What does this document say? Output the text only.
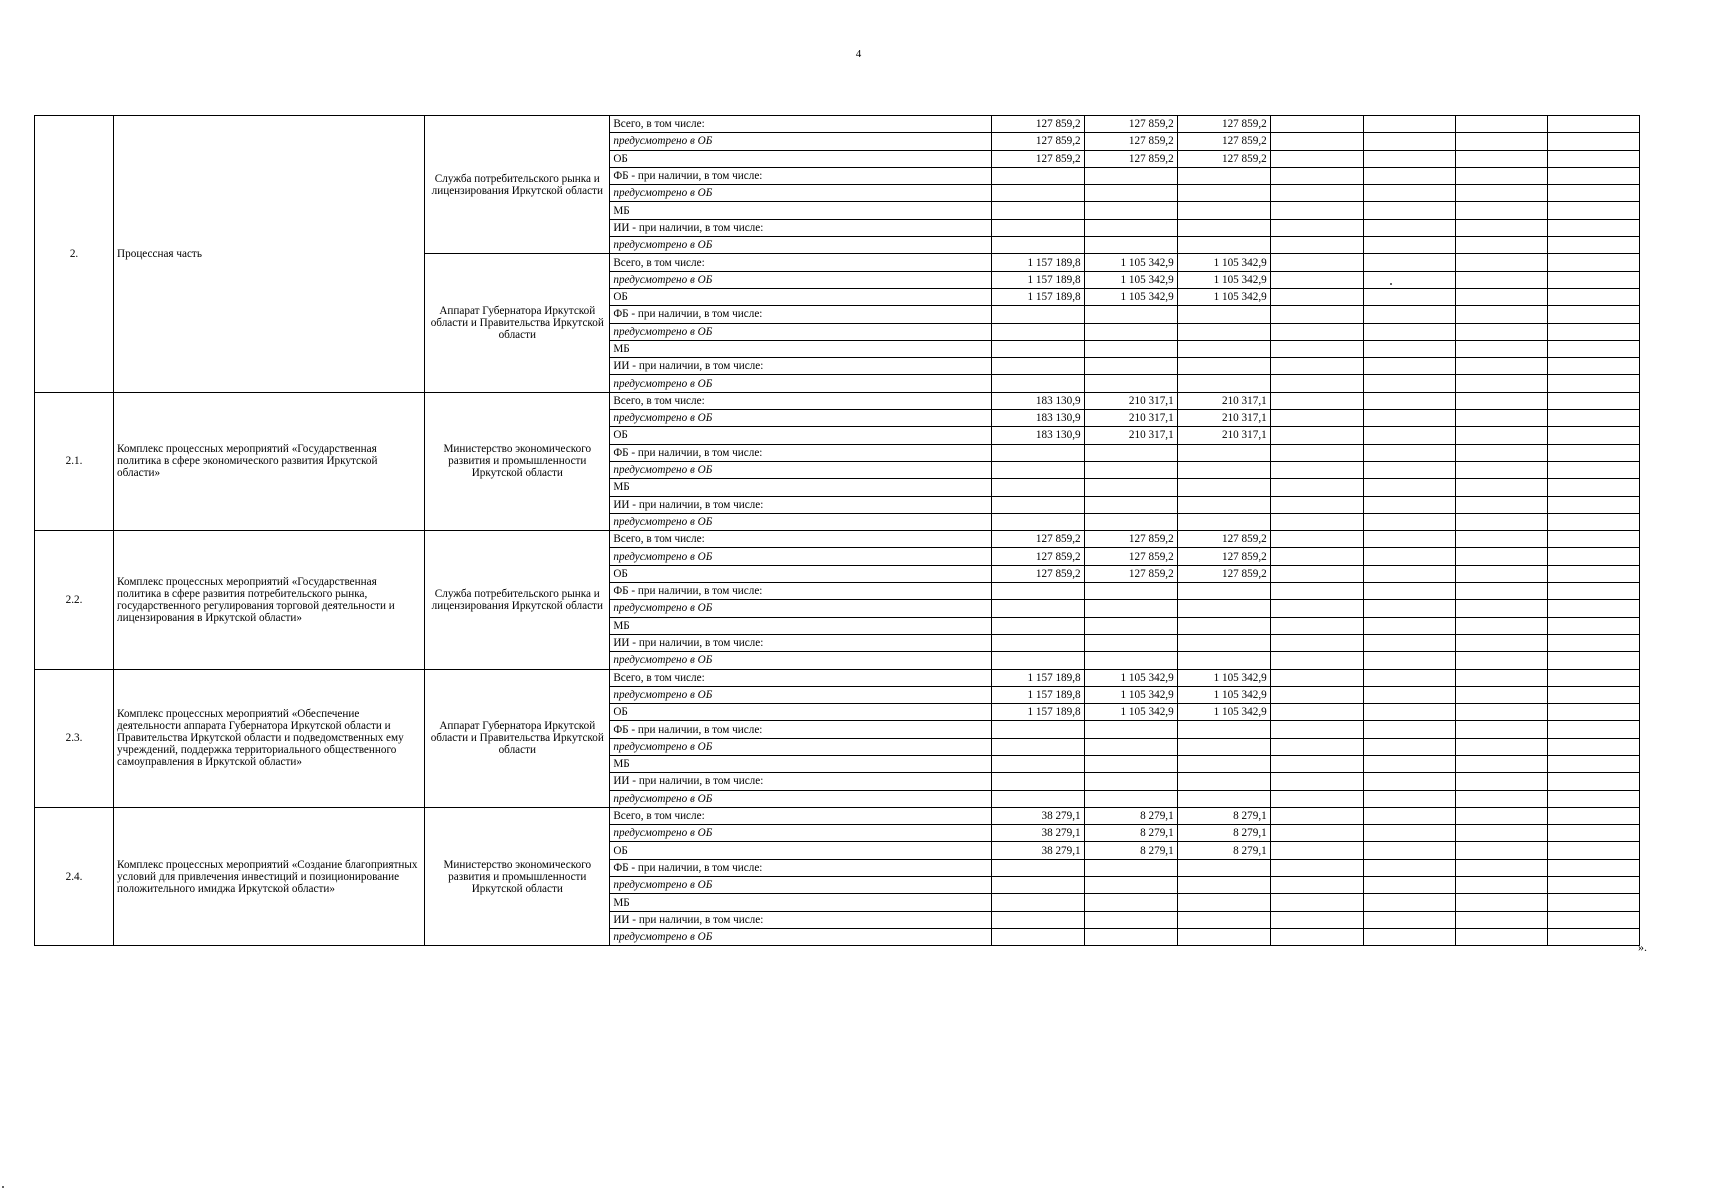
4
2.	Процессная часть	Служба потребительского рынка и лицензирования Иркутской области	Всего, в том числе:	127 859,2	127 859,2	127 859,2				
			предусмотрено в ОБ	127 859,2	127 859,2	127 859,2				
			ОБ	127 859,2	127 859,2	127 859,2				
			ФБ - при наличии, в том числе:							
			предусмотрено в ОБ							
			МБ							
			ИИ - при наличии, в том числе:							
			предусмотрено в ОБ							
		Аппарат Губернатора Иркутской области и Правительства Иркутской области	Всего, в том числе:	1 157 189,8	1 105 342,9	1 105 342,9				
			предусмотрено в ОБ	1 157 189,8	1 105 342,9	1 105 342,9				
			ОБ	1 157 189,8	1 105 342,9	1 105 342,9				
			ФБ - при наличии, в том числе:							
			предусмотрено в ОБ							
			МБ							
			ИИ - при наличии, в том числе:							
			предусмотрено в ОБ							
2.1.	Комплекс процессных мероприятий «Государственная политика в сфере экономического развития Иркутской области»	Министерство экономического развития и промышленности Иркутской области	Всего, в том числе:	183 130,9	210 317,1	210 317,1				
			предусмотрено в ОБ	183 130,9	210 317,1	210 317,1				
			ОБ	183 130,9	210 317,1	210 317,1				
			ФБ - при наличии, в том числе:							
			предусмотрено в ОБ							
			МБ							
			ИИ - при наличии, в том числе:							
			предусмотрено в ОБ							
2.2.	Комплекс процессных мероприятий «Государственная политика в сфере развития потребительского рынка, государственного регулирования торговой деятельности и лицензирования в Иркутской области»	Служба потребительского рынка и лицензирования Иркутской области	Всего, в том числе:	127 859,2	127 859,2	127 859,2				
			предусмотрено в ОБ	127 859,2	127 859,2	127 859,2				
			ОБ	127 859,2	127 859,2	127 859,2				
			ФБ - при наличии, в том числе:							
			предусмотрено в ОБ							
			МБ							
			ИИ - при наличии, в том числе:							
			предусмотрено в ОБ							
2.3.	Комплекс процессных мероприятий «Обеспечение деятельности аппарата Губернатора Иркутской области и Правительства Иркутской области и подведомственных ему учреждений, поддержка территориального общественного самоуправления в Иркутской области»	Аппарат Губернатора Иркутской области и Правительства Иркутской области	Всего, в том числе:	1 157 189,8	1 105 342,9	1 105 342,9				
			предусмотрено в ОБ	1 157 189,8	1 105 342,9	1 105 342,9				
			ОБ	1 157 189,8	1 105 342,9	1 105 342,9				
			ФБ - при наличии, в том числе:							
			предусмотрено в ОБ							
			МБ							
			ИИ - при наличии, в том числе:							
			предусмотрено в ОБ							
2.4.	Комплекс процессных мероприятий «Создание благоприятных условий для привлечения инвестиций и позиционирование положительного имиджа Иркутской области»	Министерство экономического развития и промышленности Иркутской области	Всего, в том числе:	38 279,1	8 279,1	8 279,1				
			предусмотрено в ОБ	38 279,1	8 279,1	8 279,1				
			ОБ	38 279,1	8 279,1	8 279,1				
			ФБ - при наличии, в том числе:							
			предусмотрено в ОБ							
			МБ							
			ИИ - при наличии, в том числе:							
			предусмотрено в ОБ							
».
